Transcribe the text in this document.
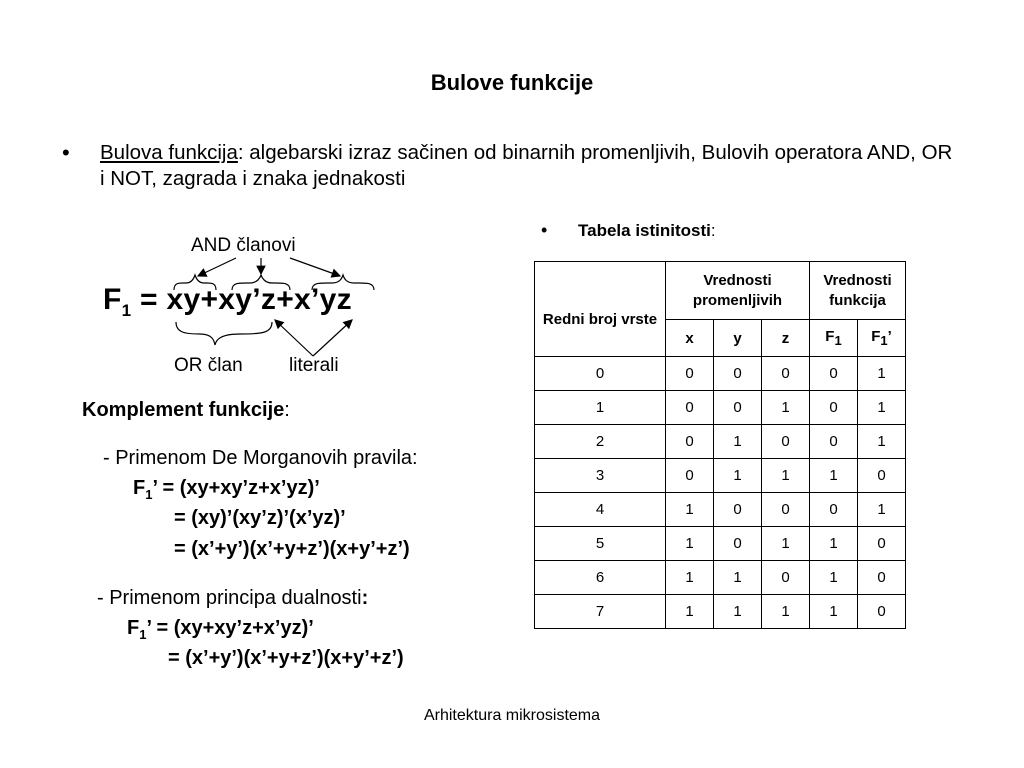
Bulove funkcije
• Bulova funkcija: algebarski izraz sačinen od binarnih promenljivih, Bulovih operatora AND, OR i NOT, zagrada i znaka jednakosti
AND članovi
$F_1$ = xy+xy’z+x’yz
OR član literali
Komplement funkcije:
- Primenom De Morganovih pravila:
$F_1$’ = (xy+xy’z+x’yz)’
= (xy)’(xy’z)’(x’yz)’
= (x’+y’)(x’+y+z’)(x+y’+z’)
- Primenom principa dualnosti:
$F_1$’ = (xy+xy’z+x’yz)’
= (x’+y’)(x’+y+z’)(x+y’+z’)
• Tabela istinitosti:
Redni broj vrste	Vrednosti promenljivih			Vrednosti funkcija	
	x	y	z	$F_1$	$F_1$’
0	0	0	0	0	1
1	0	0	1	0	1
2	0	1	0	0	1
3	0	1	1	1	0
4	1	0	0	0	1
5	1	0	1	1	0
6	1	1	0	1	0
7	1	1	1	1	0
Arhitektura mikrosistema
